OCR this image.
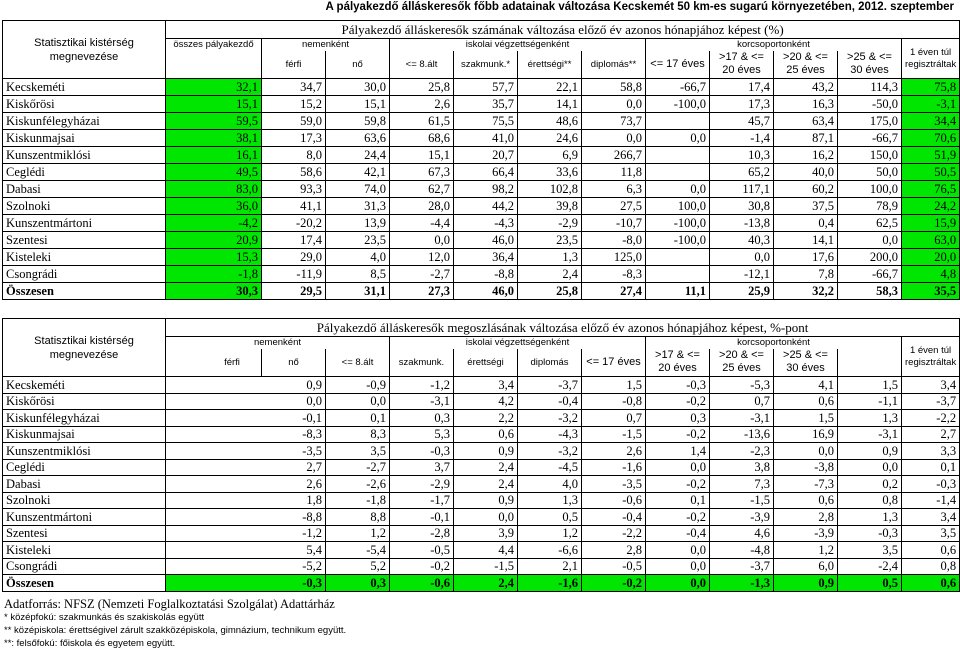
A pályakezdő álláskeresők főbb adatainak változása Kecskemét 50 km-es sugarú környezetében, 2012. szeptember
Statisztikai kistérség megnevezése	Pályakezdő álláskeresők számának változása előző év azonos hónapjához képest (%)											
	összes pályakezdő	nemenként		iskolai végzettségenként				korcsoportonként				1 éven túl regisztráltak
		férfi	nő	<= 8.ált	szakmunk.*	érettségi**	diplomás**	<= 17 éves	>17 & <= 20 éves	>20 & <= 25 éves	>25 & <= 30 éves	
Kecskeméti	32,1	34,7	30,0	25,8	57,7	22,1	58,8	-66,7	17,4	43,2	114,3	75,8
Kiskőrösi	15,1	15,2	15,1	2,6	35,7	14,1	0,0	-100,0	17,3	16,3	-50,0	-3,1
Kiskunfélegyházai	59,5	59,0	59,8	61,5	75,5	48,6	73,7		45,7	63,4	175,0	34,4
Kiskunmajsai	38,1	17,3	63,6	68,6	41,0	24,6	0,0	0,0	-1,4	87,1	-66,7	70,6
Kunszentmiklósi	16,1	8,0	24,4	15,1	20,7	6,9	266,7		10,3	16,2	150,0	51,9
Ceglédi	49,5	58,6	42,1	67,3	66,4	33,6	11,8		65,2	40,0	50,0	50,5
Dabasi	83,0	93,3	74,0	62,7	98,2	102,8	6,3	0,0	117,1	60,2	100,0	76,5
Szolnoki	36,0	41,1	31,3	28,0	44,2	39,8	27,5	100,0	30,8	37,5	78,9	24,2
Kunszentmártoni	-4,2	-20,2	13,9	-4,4	-4,3	-2,9	-10,7	-100,0	-13,8	0,4	62,5	15,9
Szentesi	20,9	17,4	23,5	0,0	46,0	23,5	-8,0	-100,0	40,3	14,1	0,0	63,0
Kisteleki	15,3	29,0	4,0	12,0	36,4	1,3	125,0		0,0	17,6	200,0	20,0
Csongrádi	-1,8	-11,9	8,5	-2,7	-8,8	2,4	-8,3		-12,1	7,8	-66,7	4,8
Összesen	30,3	29,5	31,1	27,3	46,0	25,8	27,4	11,1	25,9	32,2	58,3	35,5
Statisztikai kistérség megnevezése	Pályakezdő álláskeresők megoszlásának változása előző év azonos hónapjához képest, %-pont											
	nemenként			iskolai végzettségenként				korcsoportonként				1 éven túl regisztráltak
	férfi	nő	<= 8.ált	szakmunk.	érettségi	diplomás	<= 17 éves	>17 & <= 20 éves	>20 & <= 25 éves	>25 & <= 30 éves		
Kecskeméti	0,9		-0,9	-1,2	3,4	-3,7	1,5	-0,3	-5,3	4,1	1,5	3,4
Kiskőrösi	0,0		0,0	-3,1	4,2	-0,4	-0,8	-0,2	0,7	0,6	-1,1	-3,7
Kiskunfélegyházai	-0,1		0,1	0,3	2,2	-3,2	0,7	0,3	-3,1	1,5	1,3	-2,2
Kiskunmajsai	-8,3		8,3	5,3	0,6	-4,3	-1,5	-0,2	-13,6	16,9	-3,1	2,7
Kunszentmiklósi	-3,5		3,5	-0,3	0,9	-3,2	2,6	1,4	-2,3	0,0	0,9	3,3
Ceglédi	2,7		-2,7	3,7	2,4	-4,5	-1,6	0,0	3,8	-3,8	0,0	0,1
Dabasi	2,6		-2,6	-2,9	2,4	4,0	-3,5	-0,2	7,3	-7,3	0,2	-0,3
Szolnoki	1,8		-1,8	-1,7	0,9	1,3	-0,6	0,1	-1,5	0,6	0,8	-1,4
Kunszentmártoni	-8,8		8,8	-0,1	0,0	0,5	-0,4	-0,2	-3,9	2,8	1,3	3,4
Szentesi	-1,2		1,2	-2,8	3,9	1,2	-2,2	-0,4	4,6	-3,9	-0,3	3,5
Kisteleki	5,4		-5,4	-0,5	4,4	-6,6	2,8	0,0	-4,8	1,2	3,5	0,6
Csongrádi	-5,2		5,2	-0,2	-1,5	2,1	-0,5	0,0	-3,7	6,0	-2,4	0,8
Összesen	-0,3		0,3	-0,6	2,4	-1,6	-0,2	0,0	-1,3	0,9	0,5	0,6
Adatforrás: NFSZ (Nemzeti Foglalkoztatási Szolgálat) Adattárház
* középfokú: szakmunkás és szakiskolás együtt
** középiskola: érettségivel zárult szakközépiskola, gimnázium, technikum együtt.
**: felsőfokú: főiskola és egyetem együtt.
